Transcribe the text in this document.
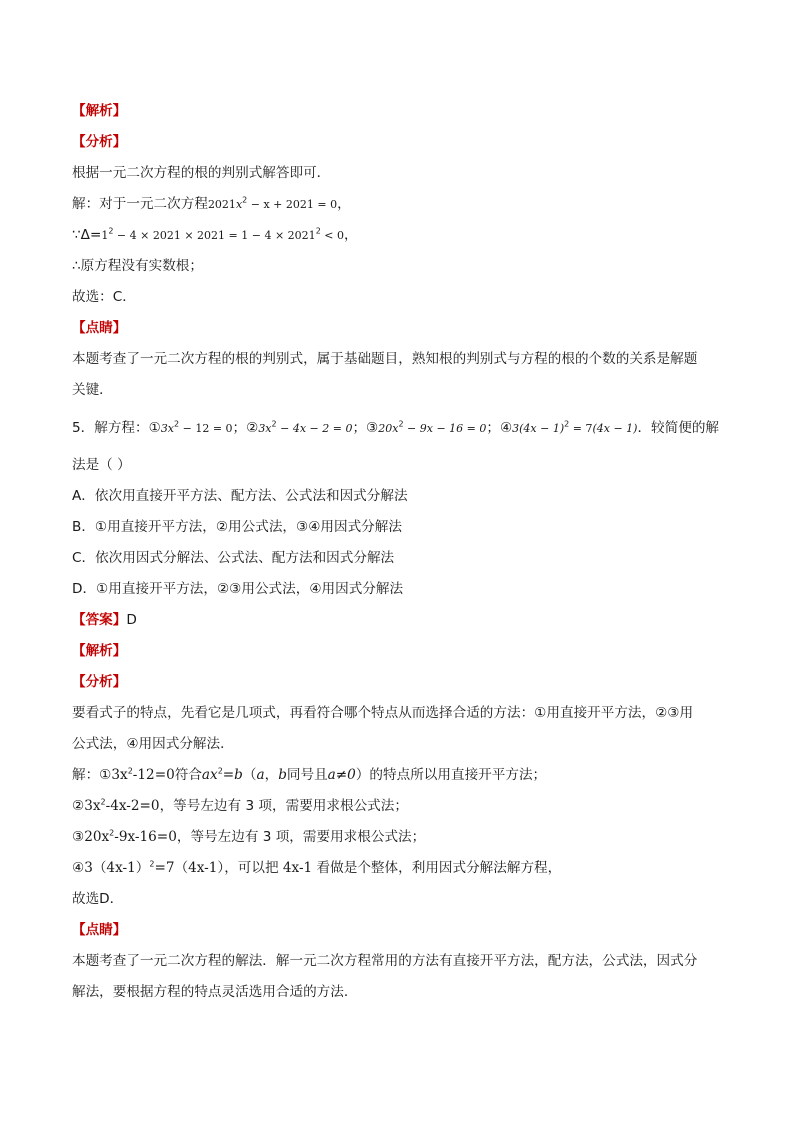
【解析】
【分析】
根据一元二次方程的根的判别式解答即可．
解：对于一元二次方程$2021x^2 - x + 2021 = 0$，
$\because\Delta=1^2 - 4 \times 2021 \times 2021 = 1 - 4 \times 2021^2 < 0$，
∴原方程没有实数根；
故选：C．
【点睛】
本题考查了一元二次方程的根的判别式，属于基础题目，熟知根的判别式与方程的根的个数的关系是解题
关键．
5．解方程：$①3x^2 - 12 = 0$；$②3x^2 - 4x - 2 = 0$；$③20x^2 - 9x - 16 = 0$；④3(4x − 1)$^2$ = 7(4x − 1)．较简便的解
法是（ ）
A．依次用直接开平方法、配方法、公式法和因式分解法
B．①用直接开平方法，②用公式法，③④用因式分解法
C．依次用因式分解法、公式法、配方法和因式分解法
D．①用直接开平方法，②③用公式法，④用因式分解法
【答案】D
【解析】
【分析】
要看式子的特点，先看它是几项式，再看符合哪个特点从而选择合适的方法：①用直接开平方法，②③用
公式法，④用因式分解法．
解：$①3x^2-12=0$符合$ax^2=b(a$，b同号且a≠0）的特点所以用直接开平方法；
$②3x^2-4x-2=0$，等号左边有 3 项，需要用求根公式法；
$③20x^2-9x-16=0$，等号左边有 3 项，需要用求根公式法；
$④3(4x-1)^2=7(4x-1)$，可以把 4x-1 看做是个整体，利用因式分解法解方程，
故选D．
【点睛】
本题考查了一元二次方程的解法．解一元二次方程常用的方法有直接开平方法，配方法，公式法，因式分
解法，要根据方程的特点灵活选用合适的方法．
